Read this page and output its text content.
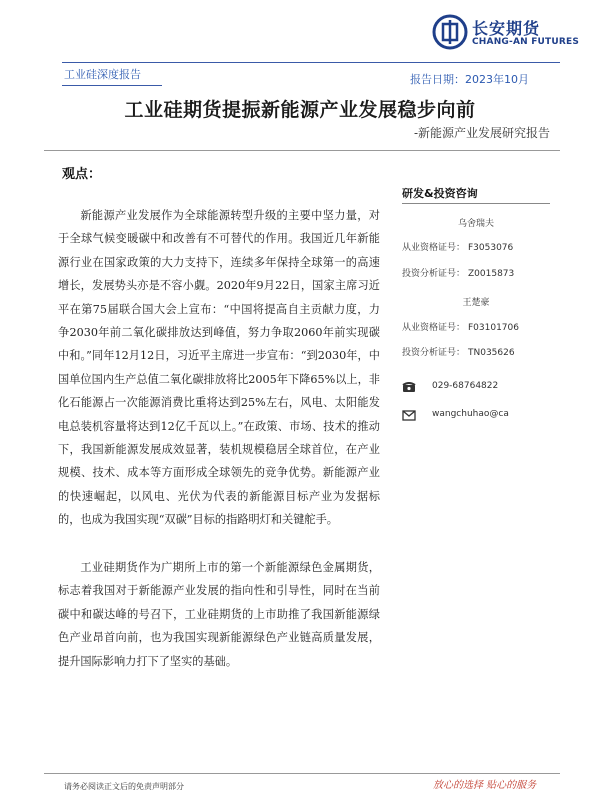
长安期货
CHANG-AN FUTURES
工业硅深度报告	报告日期：2023年10月
工业硅期货提振新能源产业发展稳步向前
-新能源产业发展研究报告
观点：

新能源产业发展作为全球能源转型升级的主要中坚力量，对于全球气候变暖碳中和改善有不可替代的作用。我国近几年新能源行业在国家政策的大力支持下，连续多年保持全球第一的高速增长，发展势头亦是不容小觑。2020年9月22日，国家主席习近平在第75届联合国大会上宣布：“中国将提高自主贡献力度，力争2030年前二氧化碳排放达到峰值，努力争取2060年前实现碳中和。”同年12月12日，习近平主席进一步宣布：“到2030年，中国单位国内生产总值二氧化碳排放将比2005年下降65%以上，非化石能源占一次能源消费比重将达到25%左右，风电、太阳能发电总装机容量将达到12亿千瓦以上。”在政策、市场、技术的推动下，我国新能源发展成效显著，装机规模稳居全球首位，在产业规模、技术、成本等方面形成全球领先的竞争优势。新能源产业的快速崛起，以风电、光伏为代表的新能源目标产业为发据标的，也成为我国实现“双碳”目标的指路明灯和关键舵手。

工业硅期货作为广期所上市的第一个新能源绿色金属期货，标志着我国对于新能源产业发展的指向性和引导性，同时在当前碳中和碳达峰的号召下，工业硅期货的上市助推了我国新能源绿色产业昂首向前，也为我国实现新能源绿色产业链高质量发展，提升国际影响力打下了坚实的基础。

研发&投资咨询
乌舍瑞夫
从业资格证号： F3053076
投资分析证号： Z0015873
王楚豪
从业资格证号： F03101706
投资分析证号： TN035626
029-68764822
wangchuhao@ca
请务必阅读正文后的免责声明部分	放心的选择 贴心的服务
